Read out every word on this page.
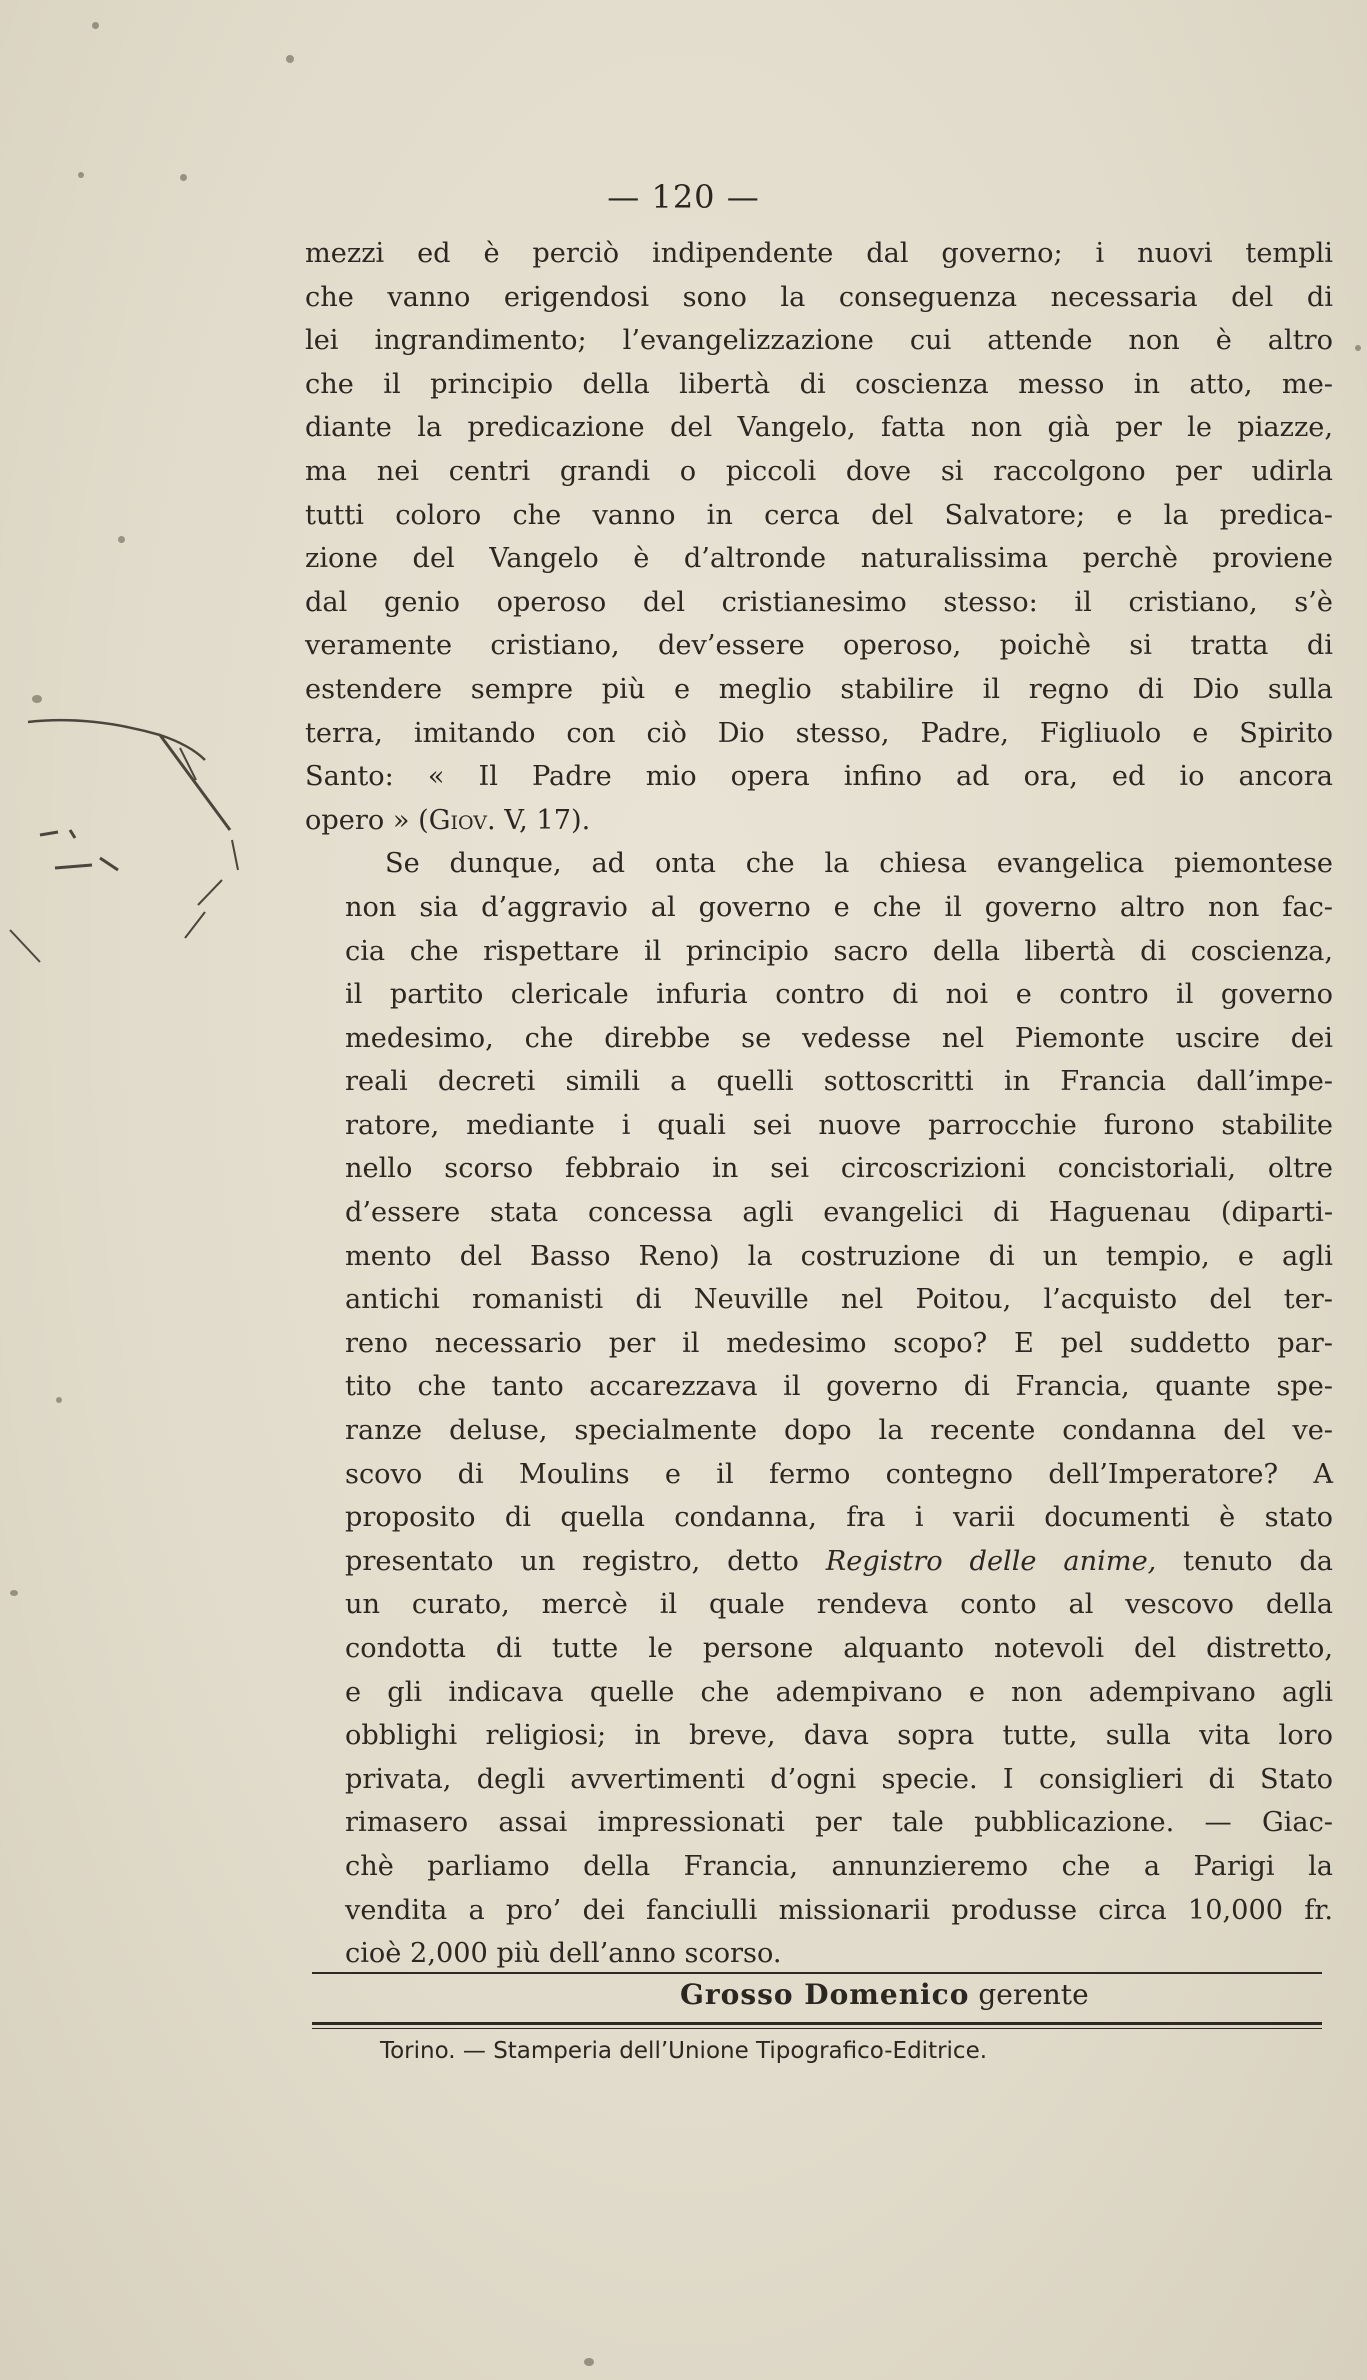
— 120 —

mezzi ed è perciò indipendente dal governo; i nuovi templi
che vanno erigendosi sono la conseguenza necessaria del di
lei ingrandimento; l’evangelizzazione cui attende non è altro
che il principio della libertà di coscienza messo in atto, me-
diante la predicazione del Vangelo, fatta non già per le piazze,
ma nei centri grandi o piccoli dove si raccolgono per udirla
tutti coloro che vanno in cerca del Salvatore; e la predica-
zione del Vangelo è d’altronde naturalissima perchè proviene
dal genio operoso del cristianesimo stesso: il cristiano, s’è
veramente cristiano, dev’essere operoso, poichè si tratta di
estendere sempre più e meglio stabilire il regno di Dio sulla
terra, imitando con ciò Dio stesso, Padre, Figliuolo e Spirito
Santo: « Il Padre mio opera infino ad ora, ed io ancora
opero » (Giov. V, 17).

Se dunque, ad onta che la chiesa evangelica piemontese
non sia d’aggravio al governo e che il governo altro non fac-
cia che rispettare il principio sacro della libertà di coscienza,
il partito clericale infuria contro di noi e contro il governo
medesimo, che direbbe se vedesse nel Piemonte uscire dei
reali decreti simili a quelli sottoscritti in Francia dall’impe-
ratore, mediante i quali sei nuove parrocchie furono stabilite
nello scorso febbraio in sei circoscrizioni concistoriali, oltre
d’essere stata concessa agli evangelici di Haguenau (diparti-
mento del Basso Reno) la costruzione di un tempio, e agli
antichi romanisti di Neuville nel Poitou, l’acquisto del ter-
reno necessario per il medesimo scopo? E pel suddetto par-
tito che tanto accarezzava il governo di Francia, quante spe-
ranze deluse, specialmente dopo la recente condanna del ve-
scovo di Moulins e il fermo contegno dell’Imperatore? A
proposito di quella condanna, fra i varii documenti è stato
presentato un registro, detto Registro delle anime, tenuto da
un curato, mercè il quale rendeva conto al vescovo della
condotta di tutte le persone alquanto notevoli del distretto,
e gli indicava quelle che adempivano e non adempivano agli
obblighi religiosi; in breve, dava sopra tutte, sulla vita loro
privata, degli avvertimenti d’ogni specie. I consiglieri di Stato
rimasero assai impressionati per tale pubblicazione. — Giac-
chè parliamo della Francia, annunzieremo che a Parigi la
vendita a pro’ dei fanciulli missionarii produsse circa 10,000 fr.
cioè 2,000 più dell’anno scorso.

Grosso Domenico gerente
Torino. — Stamperia dell’Unione Tipografico-Editrice.
